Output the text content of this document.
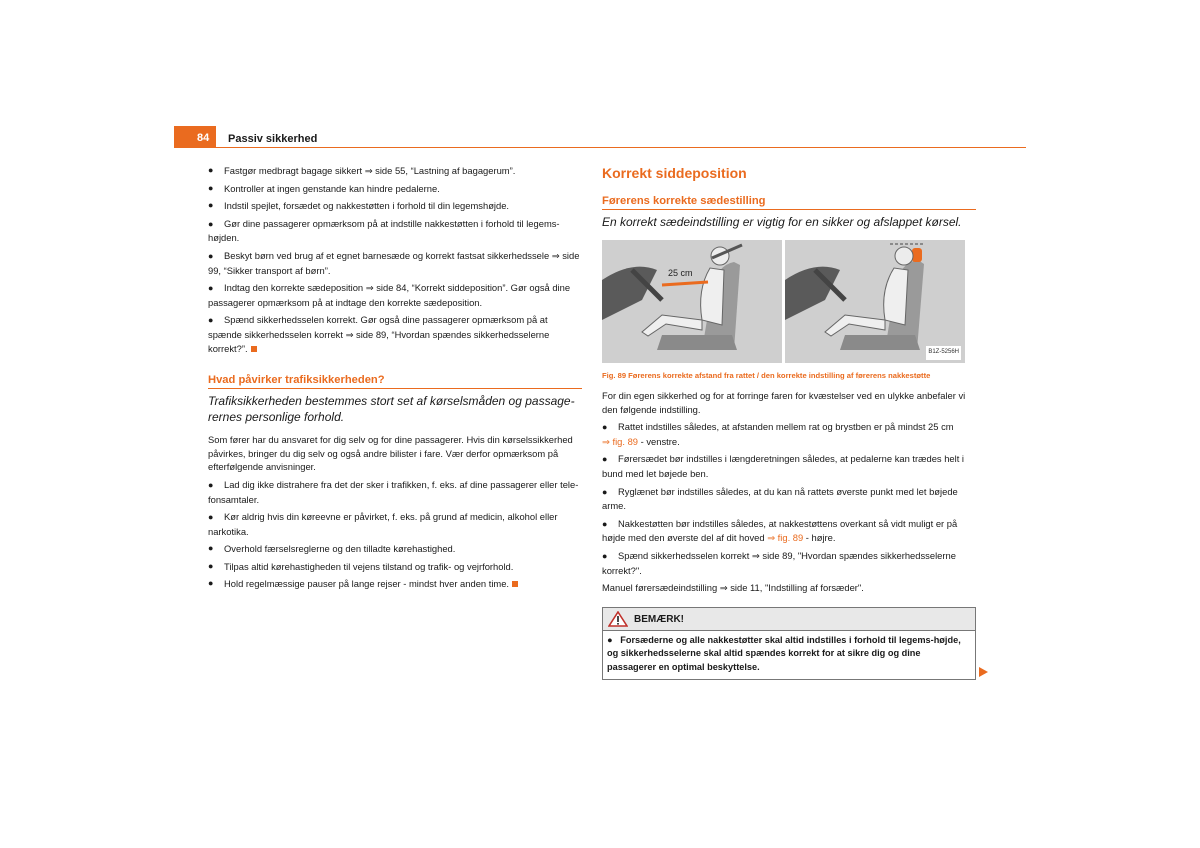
84 Passiv sikkerhed
● Fastgør medbragt bagage sikkert ⇒ side 55, “Lastning af bagagerum”.
● Kontroller at ingen genstande kan hindre pedalerne.
● Indstil spejlet, forsædet og nakkestøtten i forhold til din legemshøjde.
● Gør dine passagerer opmærksom på at indstille nakkestøtten i forhold til legems-højden.
● Beskyt børn ved brug af et egnet barnesæde og korrekt fastsat sikkerhedssele ⇒ side 99, “Sikker transport af børn”.
● Indtag den korrekte sædeposition ⇒ side 84, “Korrekt siddeposition”. Gør også dine passagerer opmærksom på at indtage den korrekte sædeposition.
● Spænd sikkerhedsselen korrekt. Gør også dine passagerer opmærksom på at spænde sikkerhedsselen korrekt ⇒ side 89, “Hvordan spændes sikkerhedsselerne korrekt?”.
Hvad påvirker trafiksikkerheden?
Trafiksikkerheden bestemmes stort set af kørselsmåden og passage-rernes personlige forhold.

Som fører har du ansvaret for dig selv og for dine passagerer. Hvis din kørselssikkerhed påvirkes, bringer du dig selv og også andre bilister i fare. Vær derfor opmærksom på efterfølgende anvisninger.

● Lad dig ikke distrahere fra det der sker i trafikken, f. eks. af dine passagerer eller tele-fonsamtaler.
● Kør aldrig hvis din køreevne er påvirket, f. eks. på grund af medicin, alkohol eller narkotika.
● Overhold færselsreglerne og den tilladte kørehastighed.
● Tilpas altid kørehastigheden til vejens tilstand og trafik- og vejrforhold.
● Hold regelmæssige pauser på lange rejser - mindst hver anden time.
Korrekt siddeposition
Førerens korrekte sædestilling
En korrekt sædeindstilling er vigtig for en sikker og afslappet kørsel.
25 cm
B1Z-5256H
Fig. 89 Førerens korrekte afstand fra rattet / den korrekte indstilling af førerens nakkestøtte

For din egen sikkerhed og for at forringe faren for kvæstelser ved en ulykke anbefaler vi den følgende indstilling.

● Rattet indstilles således, at afstanden mellem rat og brystben er på mindst 25 cm
⇒ fig. 89 - venstre.
● Førersædet bør indstilles i længderetningen således, at pedalerne kan trædes helt i bund med let bøjede ben.
● Ryglænet bør indstilles således, at du kan nå rattets øverste punkt med let bøjede arme.
● Nakkestøtten bør indstilles således, at nakkestøttens overkant så vidt muligt er på højde med den øverste del af dit hoved ⇒ fig. 89 - højre.
● Spænd sikkerhedsselen korrekt ⇒ side 89, "Hvordan spændes sikkerhedsselerne korrekt?".

Manuel førersædeindstilling ⇒ side 11, "Indstilling af forsæder".

BEMÆRK!
●   Forsæderne og alle nakkestøtter skal altid indstilles i forhold til legems-højde, og sikkerhedsselerne skal altid spændes korrekt for at sikre dig og dine passagerer en optimal beskyttelse.
